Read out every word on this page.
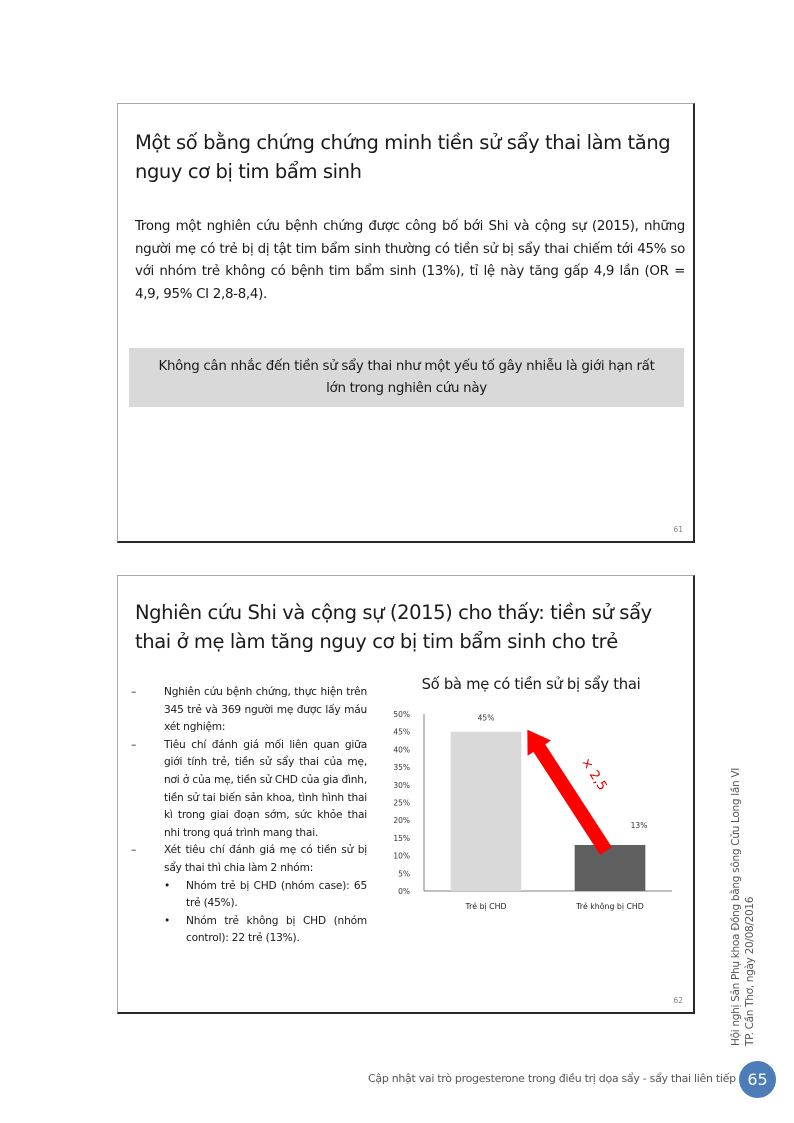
Một số bằng chứng chứng minh tiền sử sẩy thai làm tăng nguy cơ bị tim bẩm sinh

Trong một nghiên cứu bệnh chứng được công bố bới Shi và cộng sự (2015), những người mẹ có trẻ bị dị tật tim bẩm sinh thường có tiền sử bị sẩy thai chiếm tới 45% so với nhóm trẻ không có bệnh tim bẩm sinh (13%), tỉ lệ này tăng gấp 4,9 lần (OR = 4,9, 95% CI 2,8-8,4).

Không cân nhắc đến tiền sử sẩy thai như một yếu tố gây nhiễu là giới hạn rất lớn trong nghiên cứu này
61
Nghiên cứu Shi và cộng sự (2015) cho thấy: tiền sử sẩy thai ở mẹ làm tăng nguy cơ bị tim bẩm sinh cho trẻ
–	Nghiên cứu bệnh chứng, thực hiện trên 345 trẻ và 369 người mẹ được lấy máu xét nghiệm:
–	Tiêu chí đánh giá mối liên quan giữa giới tính trẻ, tiền sử sẩy thai của mẹ, nơi ở của mẹ, tiền sử CHD của gia đình, tiền sử tai biến sản khoa, tình hình thai kì trong giai đoạn sớm, sức khỏe thai nhi trong quá trình mang thai.
–	Xét tiêu chí đánh giá mẹ có tiền sử bị sẩy thai thì chia làm 2 nhóm:
• Nhóm trẻ bị CHD (nhóm case): 65 trẻ (45%).
• Nhóm trẻ không bị CHD (nhóm control): 22 trẻ (13%).
Số bà mẹ có tiền sử bị sẩy thai
0%
5%
10%
15%
20%
25%
30%
35%
40%
45%
50%	45%
Trẻ bị CHD
13%
Trẻ không bị CHD
× 2,5
62	Hội nghị Sản Phụ khoa Đồng bằng sông Cửu Long lần VI TP. Cần Thơ, ngày 20/08/2016
Cập nhật vai trò progesterone trong điều trị dọa sẩy - sẩy thai liên tiếp 65
